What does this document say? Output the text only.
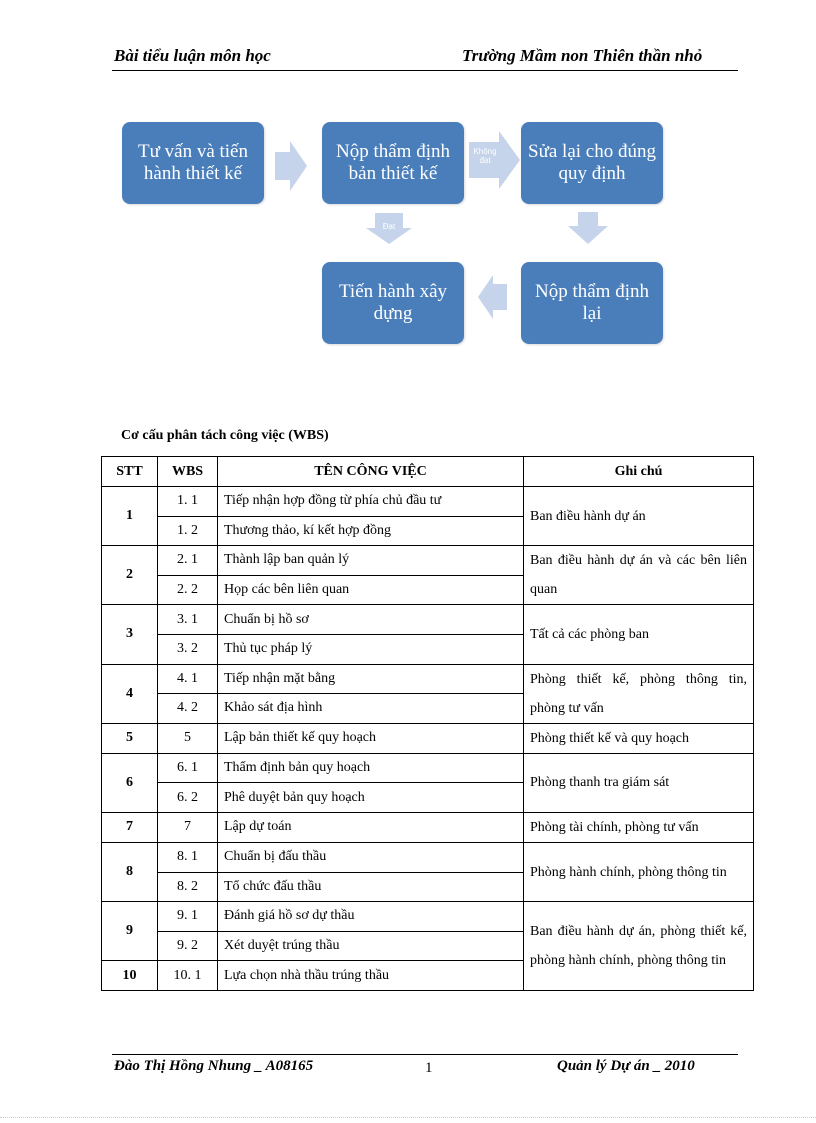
Bài tiểu luận môn học	Trường Mầm non Thiên thần nhỏ
Tư vấn và tiến hành thiết kế
Nộp thẩm định bản thiết kế
Sửa lại cho đúng quy định
Nộp thẩm định lại
Tiến hành xây dựng
Không đạt
Đạt
Cơ cấu phân tách công việc (WBS)
STT	WBS	TÊN CÔNG VIỆC	Ghi chú
1	1. 1	Tiếp nhận hợp đồng từ phía chủ đầu tư	Ban điều hành dự án
	1. 2	Thương thảo, kí kết hợp đồng	
2	2. 1	Thành lập ban quản lý	Ban điều hành dự án và các bên liên quan
	2. 2	Họp các bên liên quan	
3	3. 1	Chuẩn bị hồ sơ	Tất cả các phòng ban
	3. 2	Thủ tục pháp lý	
4	4. 1	Tiếp nhận mặt bằng	Phòng thiết kế, phòng thông tin, phòng tư vấn
	4. 2	Khảo sát địa hình	
5	5	Lập bản thiết kế quy hoạch	Phòng thiết kế và quy hoạch
6	6. 1	Thẩm định bản quy hoạch	Phòng thanh tra giám sát
	6. 2	Phê duyệt bản quy hoạch	
7	7	Lập dự toán	Phòng tài chính, phòng tư vấn
8	8. 1	Chuẩn bị đấu thầu	Phòng hành chính, phòng thông tin
	8. 2	Tổ chức đấu thầu	
9	9. 1	Đánh giá hồ sơ dự thầu	Ban điều hành dự án, phòng thiết kế, phòng hành chính, phòng thông tin
	9. 2	Xét duyệt trúng thầu	
10	10. 1	Lựa chọn nhà thầu trúng thầu	
Đào Thị Hồng Nhung _ A08165	1	Quản lý Dự án _ 2010
